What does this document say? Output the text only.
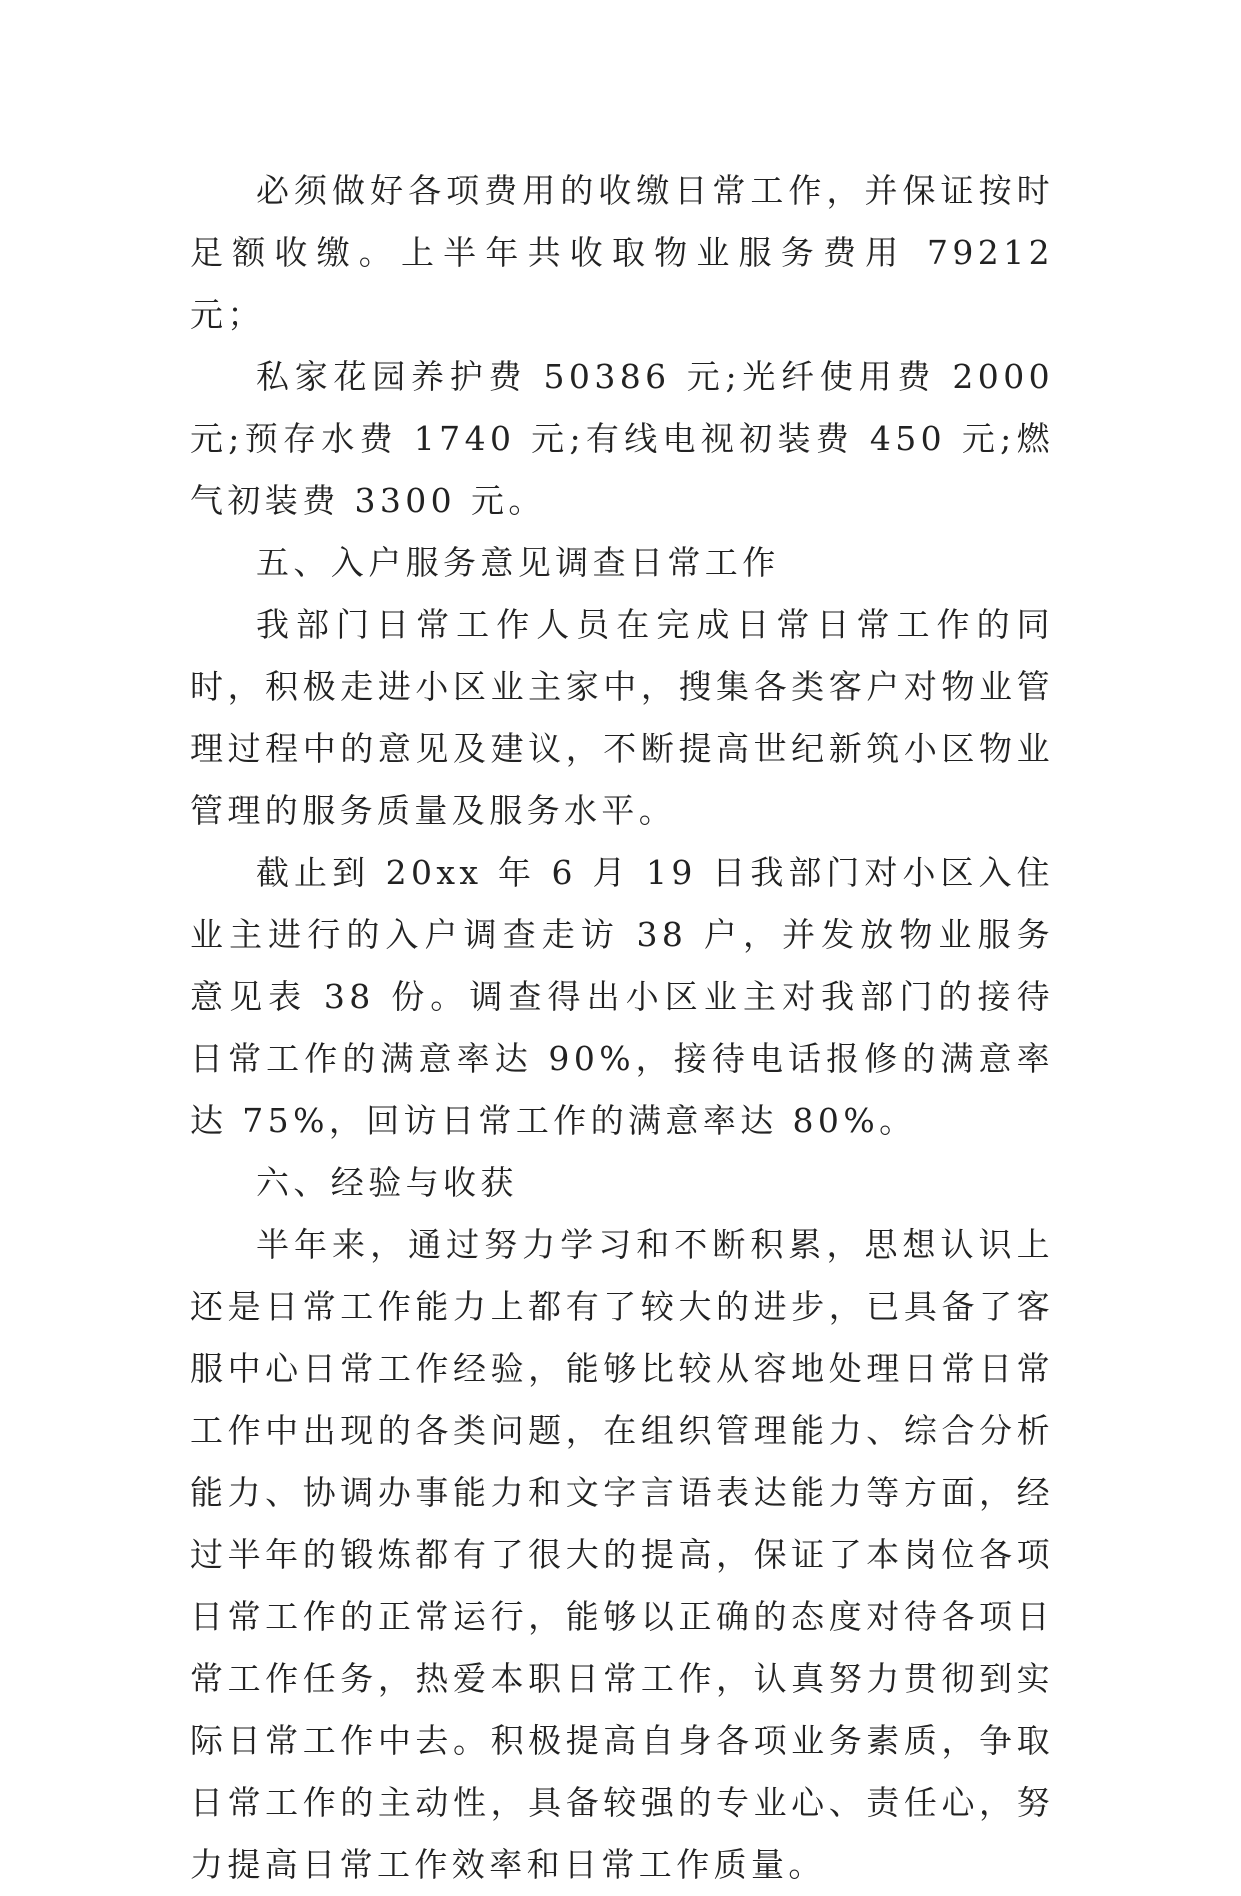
必须做好各项费用的收缴日常工作，并保证按时足额收缴。上半年共收取物业服务费用 79212 元；

私家花园养护费 50386 元;光纤使用费 2000 元;预存水费 1740 元;有线电视初装费 450 元;燃气初装费 3300 元。

五、入户服务意见调查日常工作

我部门日常工作人员在完成日常日常工作的同时，积极走进小区业主家中，搜集各类客户对物业管理过程中的意见及建议，不断提高世纪新筑小区物业管理的服务质量及服务水平。

截止到 20xx 年 6 月 19 日我部门对小区入住业主进行的入户调查走访 38 户，并发放物业服务意见表 38 份。调查得出小区业主对我部门的接待日常工作的满意率达 90%，接待电话报修的满意率达 75%，回访日常工作的满意率达 80%。

六、经验与收获

半年来，通过努力学习和不断积累，思想认识上还是日常工作能力上都有了较大的进步，已具备了客服中心日常工作经验，能够比较从容地处理日常日常工作中出现的各类问题，在组织管理能力、综合分析能力、协调办事能力和文字言语表达能力等方面，经过半年的锻炼都有了很大的提高，保证了本岗位各项日常工作的正常运行，能够以正确的态度对待各项日常工作任务，热爱本职日常工作，认真努力贯彻到实际日常工作中去。积极提高自身各项业务素质，争取日常工作的主动性，具备较强的专业心、责任心，努力提高日常工作效率和日常工作质量。
